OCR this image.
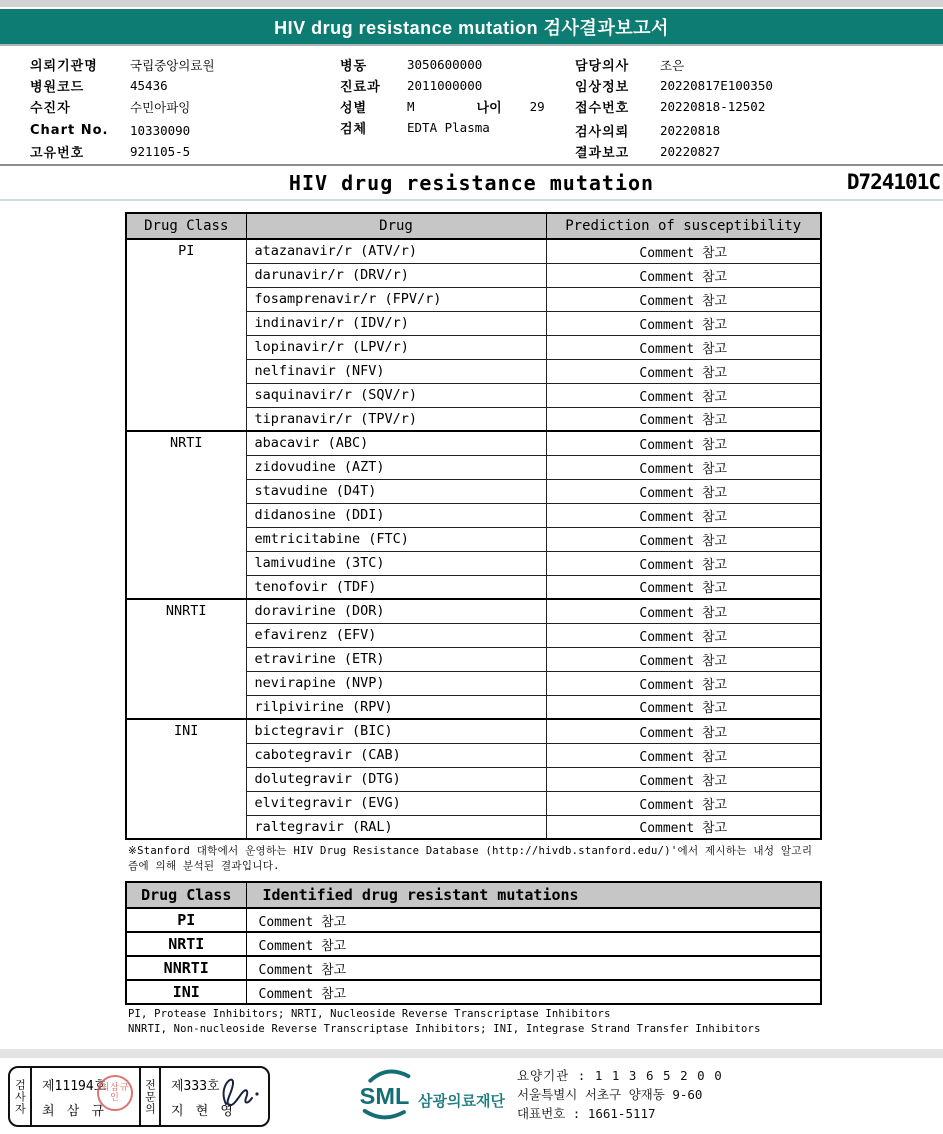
HIV drug resistance mutation 검사결과보고서
의뢰기관명	국립중앙의료원
병원코드	45436
수진자	수민아파잉
Chart No.	10330090
고유번호	921105-5
병동	3050600000
진료과	2011000000
성별	M	나이 29
검체	EDTA Plasma
담당의사	조은
임상정보	20220817E100350
접수번호	20220818-12502
검사의뢰	20220818
결과보고	20220827
HIV drug resistance mutation	D724101C
Drug Class	Drug	Prediction of susceptibility
PI	atazanavir/r (ATV/r)	Comment 참고
	darunavir/r (DRV/r)	Comment 참고
	fosamprenavir/r (FPV/r)	Comment 참고
	indinavir/r (IDV/r)	Comment 참고
	lopinavir/r (LPV/r)	Comment 참고
	nelfinavir (NFV)	Comment 참고
	saquinavir/r (SQV/r)	Comment 참고
	tipranavir/r (TPV/r)	Comment 참고
NRTI	abacavir (ABC)	Comment 참고
	zidovudine (AZT)	Comment 참고
	stavudine (D4T)	Comment 참고
	didanosine (DDI)	Comment 참고
	emtricitabine (FTC)	Comment 참고
	lamivudine (3TC)	Comment 참고
	tenofovir (TDF)	Comment 참고
NNRTI	doravirine (DOR)	Comment 참고
	efavirenz (EFV)	Comment 참고
	etravirine (ETR)	Comment 참고
	nevirapine (NVP)	Comment 참고
	rilpivirine (RPV)	Comment 참고
INI	bictegravir (BIC)	Comment 참고
	cabotegravir (CAB)	Comment 참고
	dolutegravir (DTG)	Comment 참고
	elvitegravir (EVG)	Comment 참고
	raltegravir (RAL)	Comment 참고
※Stanford 대학에서 운영하는 HIV Drug Resistance Database (http://hivdb.stanford.edu/)'에서 제시하는 내성 알고리즘에 의해 분석된 결과입니다.
Drug Class	Identified drug resistant mutations
PI	Comment 참고
NRTI	Comment 참고
NNRTI	Comment 참고
INI	Comment 참고
PI, Protease Inhibitors; NRTI, Nucleoside Reverse Transcriptase Inhibitors
NNRTI, Non-nucleoside Reverse Transcriptase Inhibitors; INI, Integrase Strand Transfer Inhibitors
검사자	제11194호
최 삼 규
최삼규인	전문의	제333호
지 현 영
SML 삼광의료재단
요양기관 : 1 1 3 6 5 2 0 0
서울특별시 서초구 양재동 9-60
대표번호 : 1661-5117
